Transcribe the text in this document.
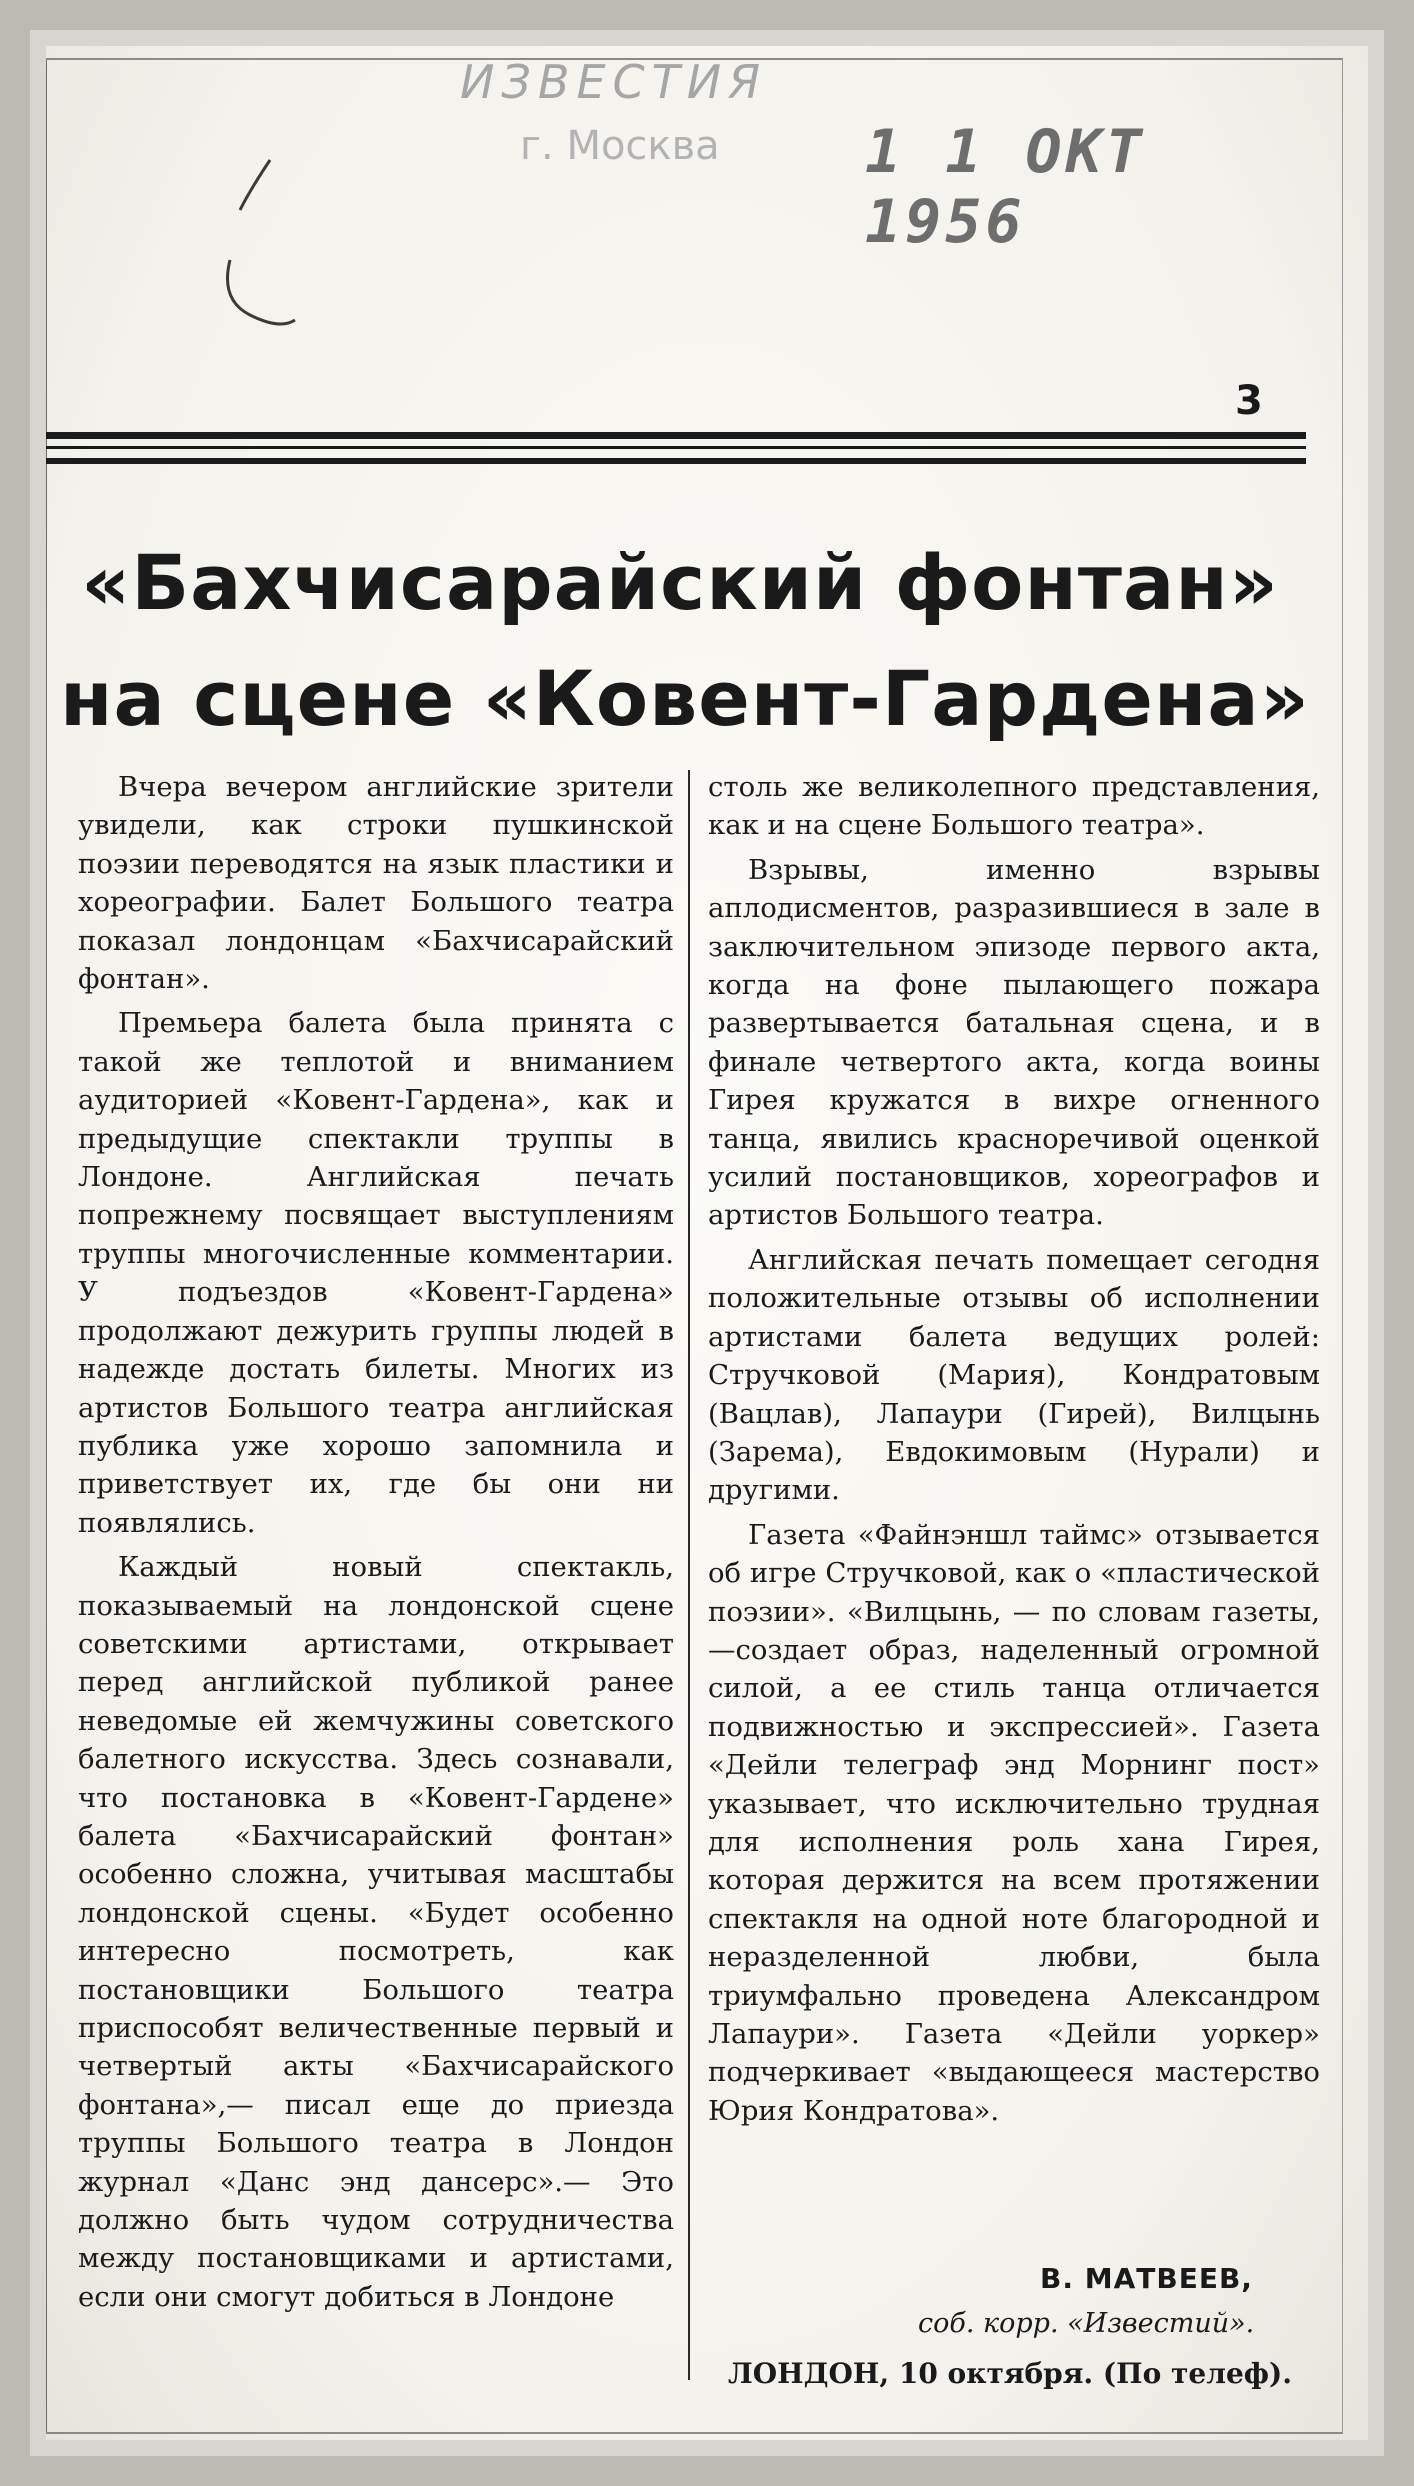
ИЗВЕСТИЯ
г. Москва 1 1 ОКТ 1956
3
«Бахчисарайский фонтан»
на сцене «Ковент-Гардена»

Вчера вечером английские зрители увидели, как строки пушкинской поэзии переводятся на язык пластики и хореографии. Балет Большого театра показал лондонцам «Бахчисарайский фонтан».

Премьера балета была принята с такой же теплотой и вниманием аудиторией «Ковент-Гардена», как и предыдущие спектакли труппы в Лондоне. Английская печать попрежнему посвящает выступлениям труппы многочисленные комментарии. У подъездов «Ковент-Гардена» продолжают дежурить группы людей в надежде достать билеты. Многих из артистов Большого театра английская публика уже хорошо запомнила и приветствует их, где бы они ни появлялись.

Каждый новый спектакль, показываемый на лондонской сцене советскими артистами, открывает перед английской публикой ранее неведомые ей жемчужины советского балетного искусства. Здесь сознавали, что постановка в «Ковент-Гардене» балета «Бахчисарайский фонтан» особенно сложна, учитывая масштабы лондонской сцены. «Будет особенно интересно посмотреть, как постановщики Большого театра приспособят величественные первый и четвертый акты «Бахчисарайского фонтана»,— писал еще до приезда труппы Большого театра в Лондон журнал «Данс энд дансерс».— Это должно быть чудом сотрудничества между постановщиками и артистами, если они смогут добиться в Лондоне

столь же великолепного представления, как и на сцене Большого театра».

Взрывы, именно взрывы аплодисментов, разразившиеся в зале в заключительном эпизоде первого акта, когда на фоне пылающего пожара развертывается батальная сцена, и в финале четвертого акта, когда воины Гирея кружатся в вихре огненного танца, явились красноречивой оценкой усилий постановщиков, хореографов и артистов Большого театра.

Английская печать помещает сегодня положительные отзывы об исполнении артистами балета ведущих ролей: Стручковой (Мария), Кондратовым (Вацлав), Лапаури (Гирей), Вилцынь (Зарема), Евдокимовым (Нурали) и другими.

Газета «Файнэншл таймс» отзывается об игре Стручковой, как о «пластической поэзии». «Вилцынь, — по словам газеты,—создает образ, наделенный огромной силой, а ее стиль танца отличается подвижностью и экспрессией». Газета «Дейли телеграф энд Морнинг пост» указывает, что исключительно трудная для исполнения роль хана Гирея, которая держится на всем протяжении спектакля на одной ноте благородной и неразделенной любви, была триумфально проведена Александром Лапаури». Газета «Дейли уоркер» подчеркивает «выдающееся мастерство Юрия Кондратова».

В. МАТВЕЕВ,
соб. корр. «Известий».
ЛОНДОН, 10 октября. (По телеф).
